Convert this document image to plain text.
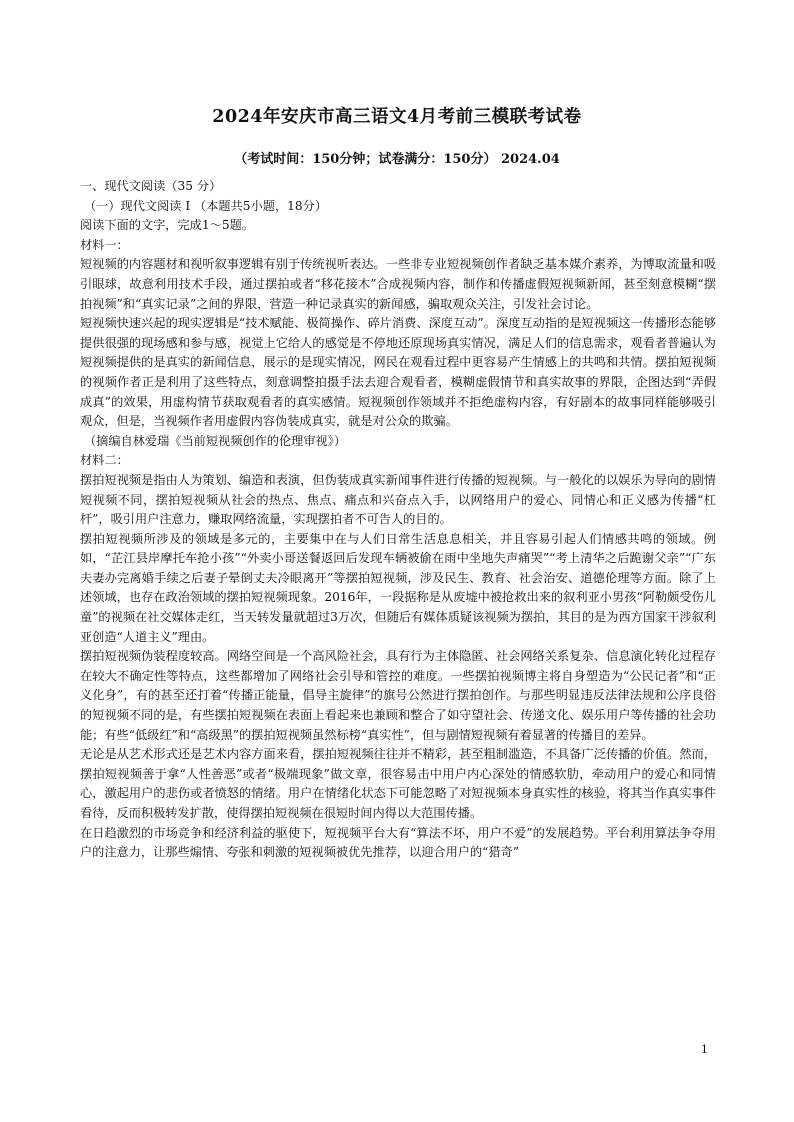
2024年安庆市高三语文4月考前三模联考试卷
（考试时间：150分钟；试卷满分：150分） 2024.04

一、现代文阅读（35 分）

（一）现代文阅读 I （本题共5小题，18分）

阅读下面的文字，完成1～5题。

材料一：

短视频的内容题材和视听叙事逻辑有别于传统视听表达。一些非专业短视频创作者缺乏基本媒介素养，为博取流量和吸引眼球，故意利用技术手段，通过摆拍或者“移花接木”合成视频内容，制作和传播虚假短视频新闻，甚至刻意模糊“摆拍视频”和“真实记录”之间的界限，营造一种记录真实的新闻感，骗取观众关注，引发社会讨论。

短视频快速兴起的现实逻辑是“技术赋能、极简操作、碎片消费、深度互动”。深度互动指的是短视频这一传播形态能够提供很强的现场感和参与感，视觉上它给人的感觉是不停地还原现场真实情况，满足人们的信息需求，观看者普遍认为短视频提供的是真实的新闻信息，展示的是现实情况，网民在观看过程中更容易产生情感上的共鸣和共情。摆拍短视频的视频作者正是利用了这些特点，刻意调整拍摄手法去迎合观看者，模糊虚假情节和真实故事的界限，企图达到“弄假成真”的效果，用虚构情节获取观看者的真实感情。短视频创作领域并不拒绝虚构内容，有好剧本的故事同样能够吸引观众，但是，当视频作者用虚假内容伪装成真实，就是对公众的欺骗。

（摘编自林爱瑞《当前短视频创作的伦理审视》）

材料二：

摆拍短视频是指由人为策划、编造和表演，但伪装成真实新闻事件进行传播的短视频。与一般化的以娱乐为导向的剧情短视频不同，摆拍短视频从社会的热点、焦点、痛点和兴奋点入手，以网络用户的爱心、同情心和正义感为传播“杠杆”，吸引用户注意力，赚取网络流量，实现摆拍者不可告人的目的。

摆拍短视频所涉及的领域是多元的，主要集中在与人们日常生活息息相关，并且容易引起人们情感共鸣的领域。例如，“芷江县岸摩托车抢小孩”“外卖小哥送餐返回后发现车辆被偷在雨中坐地失声痛哭”“考上清华之后跪谢父亲”“广东夫妻办完离婚手续之后妻子晕倒丈夫冷眼离开”等摆拍短视频，涉及民生、教育、社会治安、道德伦理等方面。除了上述领域，也存在政治领域的摆拍短视频现象。2016年，一段据称是从废墟中被抢救出来的叙利亚小男孩“阿勒颇受伤儿童”的视频在社交媒体走红，当天转发量就超过3万次，但随后有媒体质疑该视频为摆拍，其目的是为西方国家干涉叙利亚创造“人道主义”理由。

摆拍短视频伪装程度较高。网络空间是一个高风险社会，具有行为主体隐匿、社会网络关系复杂、信息演化转化过程存在较大不确定性等特点，这些都增加了网络社会引导和管控的难度。一些摆拍视频博主将自身塑造为“公民记者”和“正义化身”，有的甚至还打着“传播正能量，倡导主旋律”的旗号公然进行摆拍创作。与那些明显违反法律法规和公序良俗的短视频不同的是，有些摆拍短视频在表面上看起来也兼顾和整合了如守望社会、传递文化、娱乐用户等传播的社会功能；有些“低级红”和“高级黑”的摆拍短视频虽然标榜“真实性”，但与剧情短视频有着显著的传播目的差异。

无论是从艺术形式还是艺术内容方面来看，摆拍短视频往往并不精彩，甚至粗制滥造，不具备广泛传播的价值。然而，摆拍短视频善于拿“人性善恶”或者“极端现象”做文章，很容易击中用户内心深处的情感软肋，牵动用户的爱心和同情心，激起用户的悲伤或者愤怒的情绪。用户在情绪化状态下可能忽略了对短视频本身真实性的核验，将其当作真实事件看待，反而积极转发扩散，使得摆拍短视频在很短时间内得以大范围传播。

在日趋激烈的市场竞争和经济利益的驱使下，短视频平台大有“算法不坏，用户不爱”的发展趋势。平台利用算法争夺用户的注意力，让那些煽情、夸张和刺激的短视频被优先推荐，以迎合用户的“猎奇”

1
